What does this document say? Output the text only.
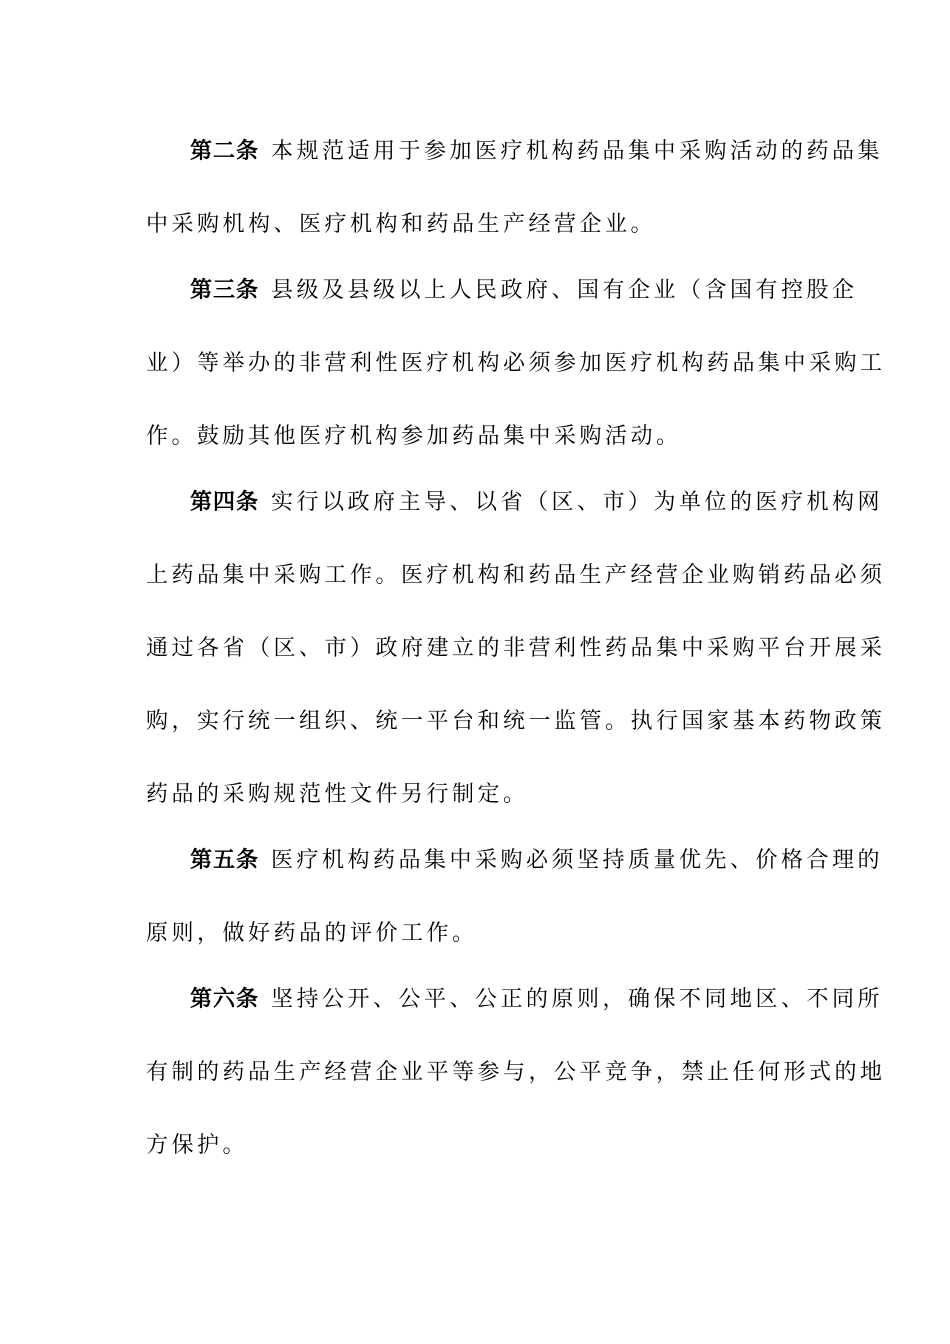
第二条 本规范适用于参加医疗机构药品集中采购活动的药品集
中采购机构、医疗机构和药品生产经营企业。
第三条 县级及县级以上人民政府、国有企业（含国有控股企
业）等举办的非营利性医疗机构必须参加医疗机构药品集中采购工
作。鼓励其他医疗机构参加药品集中采购活动。
第四条 实行以政府主导、以省（区、市）为单位的医疗机构网
上药品集中采购工作。医疗机构和药品生产经营企业购销药品必须
通过各省（区、市）政府建立的非营利性药品集中采购平台开展采
购，实行统一组织、统一平台和统一监管。执行国家基本药物政策
药品的采购规范性文件另行制定。
第五条 医疗机构药品集中采购必须坚持质量优先、价格合理的
原则，做好药品的评价工作。
第六条 坚持公开、公平、公正的原则，确保不同地区、不同所
有制的药品生产经营企业平等参与，公平竞争，禁止任何形式的地
方保护。
